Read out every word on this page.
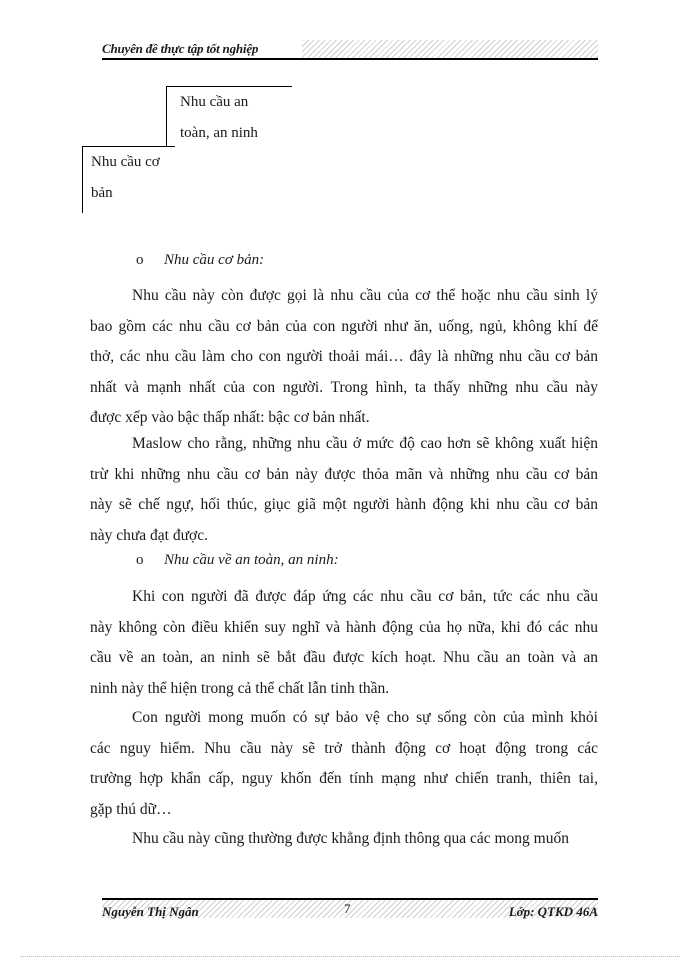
Chuyên đề thực tập tốt nghiệp
Nhu cầu an
toàn, an ninh
Nhu cầu cơ
bản
o Nhu cầu cơ bản:
Nhu cầu này còn được gọi là nhu cầu của cơ thể hoặc nhu cầu sinh lý
bao gồm các nhu cầu cơ bản của con người như ăn, uống, ngủ, không khí để
thở, các nhu cầu làm cho con người thoải mái… đây là những nhu cầu cơ bản
nhất và mạnh nhất của con người. Trong hình, ta thấy những nhu cầu này
được xếp vào bậc thấp nhất: bậc cơ bản nhất.
Maslow cho rằng, những nhu cầu ở mức độ cao hơn sẽ không xuất hiện
trừ khi những nhu cầu cơ bản này được thỏa mãn và những nhu cầu cơ bản
này sẽ chế ngự, hối thúc, giục giã một người hành động khi nhu cầu cơ bản
này chưa đạt được.
o Nhu cầu về an toàn, an ninh:
Khi con người đã được đáp ứng các nhu cầu cơ bản, tức các nhu cầu
này không còn điều khiển suy nghĩ và hành động của họ nữa, khi đó các nhu
cầu về an toàn, an ninh sẽ bắt đầu được kích hoạt. Nhu cầu an toàn và an
ninh này thể hiện trong cả thể chất lẫn tinh thần.
Con người mong muốn có sự bảo vệ cho sự sống còn của mình khỏi
các nguy hiểm. Nhu cầu này sẽ trở thành động cơ hoạt động trong các
trường hợp khẩn cấp, nguy khốn đến tính mạng như chiến tranh, thiên tai,
gặp thú dữ…
Nhu cầu này cũng thường được khẳng định thông qua các mong muốn
Nguyễn Thị Ngân	7	Lớp: QTKD 46A
